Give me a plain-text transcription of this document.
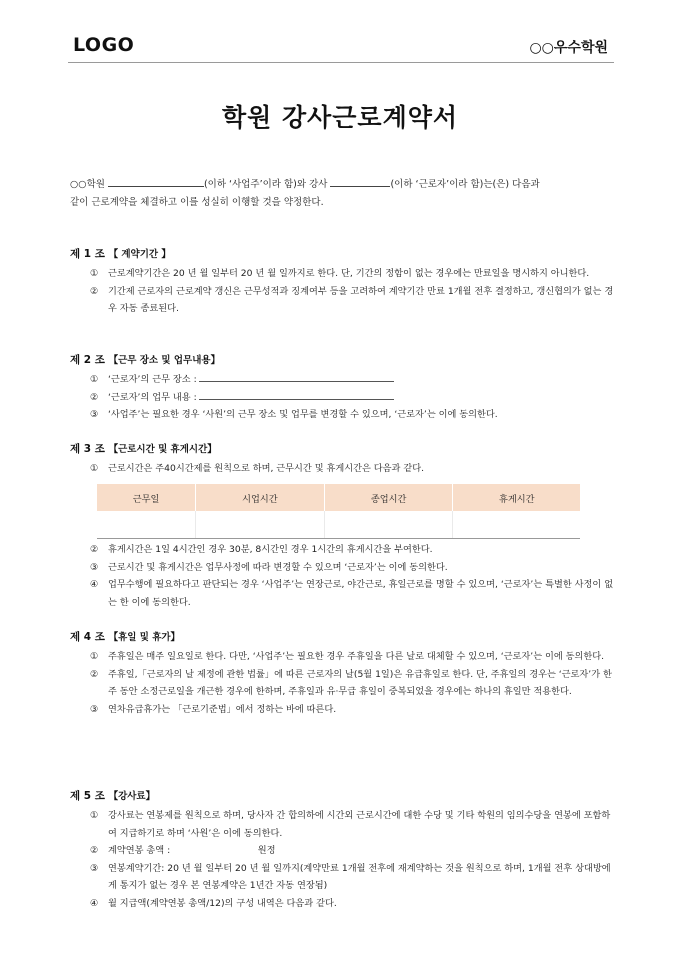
LOGO	○○우수학원
학원 강사근로계약서
○○학원	(이하 ‘사업주’이라 함)와 강사	(이하 ‘근로자’이라 함)는(은) 다음과
같이 근로계약을 체결하고 이를 성실히 이행할 것을 약정한다.
제 1 조 【 계약기간 】
① 근로계약기간은 20 년 월 일부터 20 년 월 일까지로 한다. 단, 기간의 정함이 없는 경우에는 만료일을 명시하지 아니한다.
② 기간제 근로자의 근로계약 갱신은 근무성적과 징계여부 등을 고려하여 계약기간 만료 1개월 전후 결정하고, 갱신협의가 없는 경우 자동 종료된다.
제 2 조 【근무 장소 및 업무내용】
① ‘근로자’의 근무 장소 :
② ‘근로자’의 업무 내용 :
③ ‘사업주’는 필요한 경우 ‘사원’의 근무 장소 및 업무를 변경할 수 있으며, ‘근로자’는 이에 동의한다.
제 3 조 【근로시간 및 휴게시간】
① 근로시간은 주40시간제를 원칙으로 하며, 근무시간 및 휴게시간은 다음과 같다.
근무일	시업시간	종업시간	휴게시간

② 휴게시간은 1일 4시간인 경우 30분, 8시간인 경우 1시간의 휴게시간을 부여한다.
③ 근로시간 및 휴게시간은 업무사정에 따라 변경할 수 있으며 ‘근로자’는 이에 동의한다.
④ 업무수행에 필요하다고 판단되는 경우 ‘사업주’는 연장근로, 야간근로, 휴일근로를 명할 수 있으며, ‘근로자’는 특별한 사정이 없는 한 이에 동의한다.
제 4 조 【휴일 및 휴가】
① 주휴일은 매주 일요일로 한다. 다만, ‘사업주’는 필요한 경우 주휴일을 다른 날로 대체할 수 있으며, ‘근로자’는 이에 동의한다.
② 주휴일,「근로자의 날 제정에 관한 법률」에 따른 근로자의 날(5월 1일)은 유급휴일로 한다. 단, 주휴일의 경우는 ‘근로자’가 한 주 동안 소정근로일을 개근한 경우에 한하며, 주휴일과 유·무급 휴일이 중복되었을 경우에는 하나의 휴일만 적용한다.
③ 연차유급휴가는 「근로기준법」에서 정하는 바에 따른다.
제 5 조 【강사료】
① 강사료는 연봉제를 원칙으로 하며, 당사자 간 합의하에 시간외 근로시간에 대한 수당 및 기타 학원의 임의수당을 연봉에 포함하여 지급하기로 하며 ‘사원’은 이에 동의한다.
② 계약연봉 총액 :                              원정
③ 연봉계약기간: 20 년 월 일부터 20 년 월 일까지(계약만료 1개월 전후에 재계약하는 것을 원칙으로 하며, 1개월 전후 상대방에게 통지가 없는 경우 본 연봉계약은 1년간 자동 연장됨)
④ 월 지급액(계약연봉 총액/12)의 구성 내역은 다음과 같다.
